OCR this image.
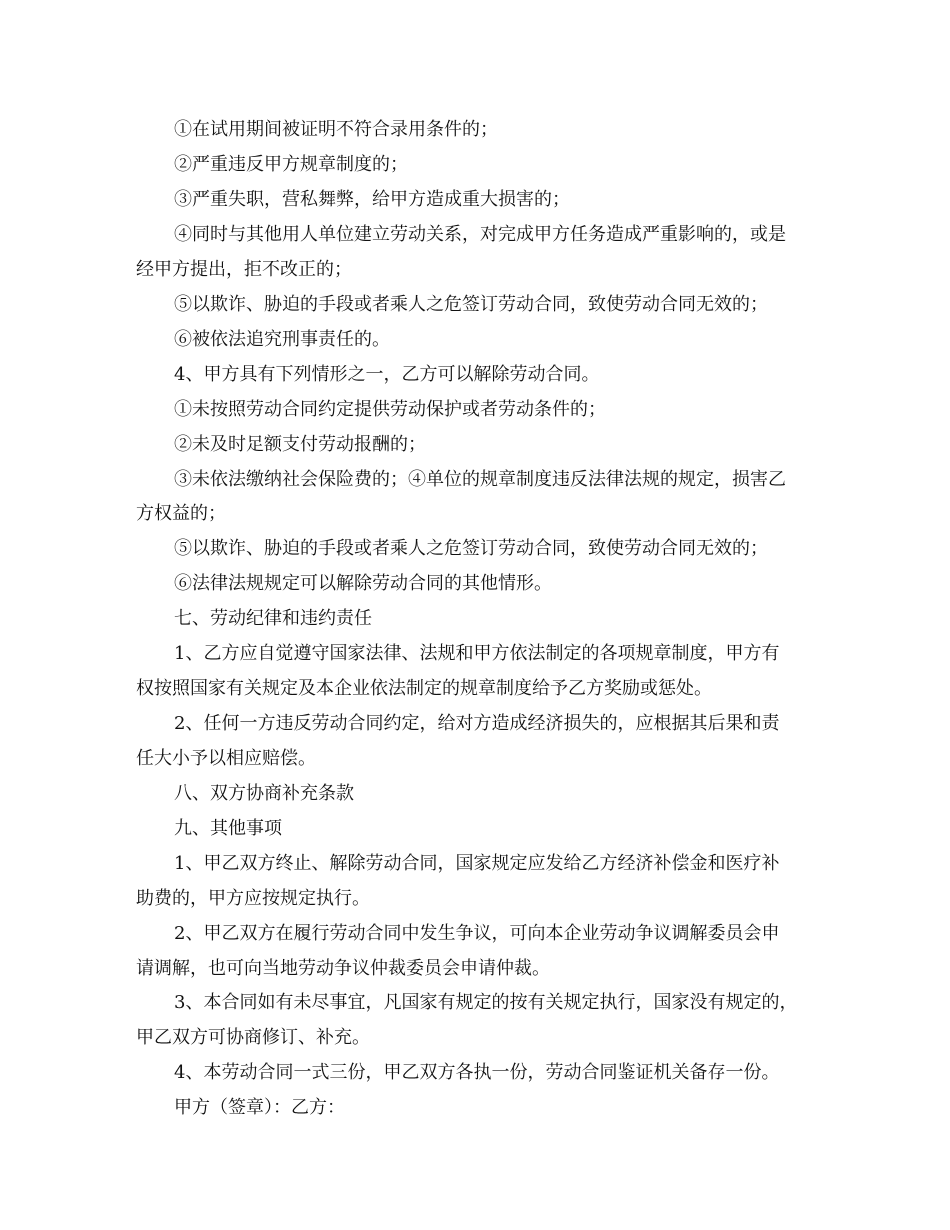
①在试用期间被证明不符合录用条件的；
②严重违反甲方规章制度的；
③严重失职，营私舞弊，给甲方造成重大损害的；
④同时与其他用人单位建立劳动关系，对完成甲方任务造成严重影响的，或是
经甲方提出，拒不改正的；
⑤以欺诈、胁迫的手段或者乘人之危签订劳动合同，致使劳动合同无效的；
⑥被依法追究刑事责任的。
4、甲方具有下列情形之一，乙方可以解除劳动合同。
①未按照劳动合同约定提供劳动保护或者劳动条件的；
②未及时足额支付劳动报酬的；
③未依法缴纳社会保险费的；④单位的规章制度违反法律法规的规定，损害乙
方权益的；
⑤以欺诈、胁迫的手段或者乘人之危签订劳动合同，致使劳动合同无效的；
⑥法律法规规定可以解除劳动合同的其他情形。
七、劳动纪律和违约责任
1、乙方应自觉遵守国家法律、法规和甲方依法制定的各项规章制度，甲方有
权按照国家有关规定及本企业依法制定的规章制度给予乙方奖励或惩处。
2、任何一方违反劳动合同约定，给对方造成经济损失的，应根据其后果和责
任大小予以相应赔偿。
八、双方协商补充条款
九、其他事项
1、甲乙双方终止、解除劳动合同，国家规定应发给乙方经济补偿金和医疗补
助费的，甲方应按规定执行。
2、甲乙双方在履行劳动合同中发生争议，可向本企业劳动争议调解委员会申
请调解，也可向当地劳动争议仲裁委员会申请仲裁。
3、本合同如有未尽事宜，凡国家有规定的按有关规定执行，国家没有规定的，
甲乙双方可协商修订、补充。
4、本劳动合同一式三份，甲乙双方各执一份，劳动合同鉴证机关备存一份。
甲方（签章）：乙方：
